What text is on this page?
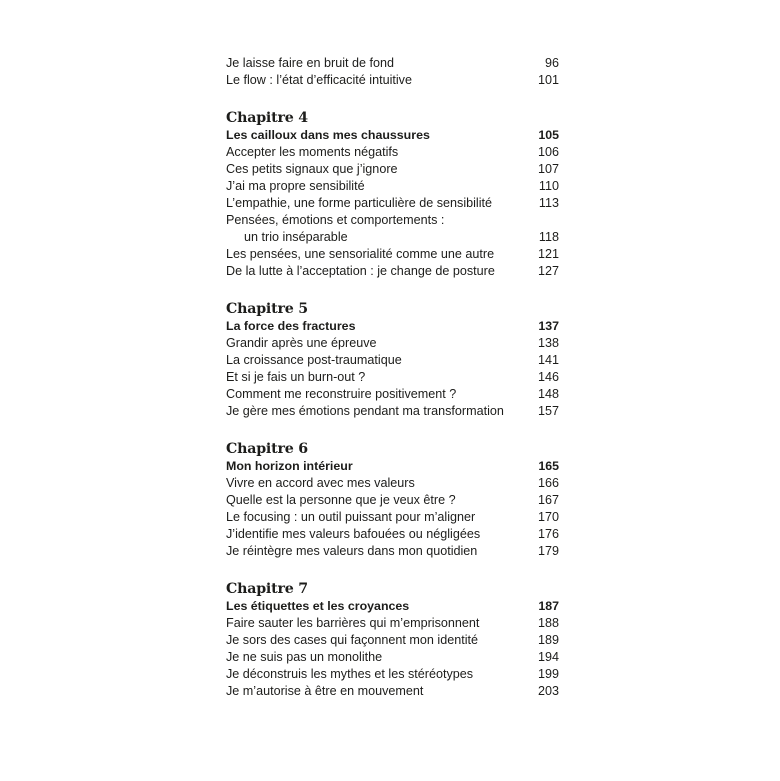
Je laisse faire en bruit de fond	96
Le flow : l’état d’efficacité intuitive	101
Chapitre 4
Les cailloux dans mes chaussures	105
Accepter les moments négatifs	106
Ces petits signaux que j’ignore	107
J’ai ma propre sensibilité	110
L’empathie, une forme particulière de sensibilité	113
Pensées, émotions et comportements :
un trio inséparable	118
Les pensées, une sensorialité comme une autre	121
De la lutte à l’acceptation : je change de posture	127
Chapitre 5
La force des fractures	137
Grandir après une épreuve	138
La croissance post-traumatique	141
Et si je fais un burn-out ?	146
Comment me reconstruire positivement ?	148
Je gère mes émotions pendant ma transformation	157
Chapitre 6
Mon horizon intérieur	165
Vivre en accord avec mes valeurs	166
Quelle est la personne que je veux être ?	167
Le focusing : un outil puissant pour m’aligner	170
J’identifie mes valeurs bafouées ou négligées	176
Je réintègre mes valeurs dans mon quotidien	179
Chapitre 7
Les étiquettes et les croyances	187
Faire sauter les barrières qui m’emprisonnent	188
Je sors des cases qui façonnent mon identité	189
Je ne suis pas un monolithe	194
Je déconstruis les mythes et les stéréotypes	199
Je m’autorise à être en mouvement	203
